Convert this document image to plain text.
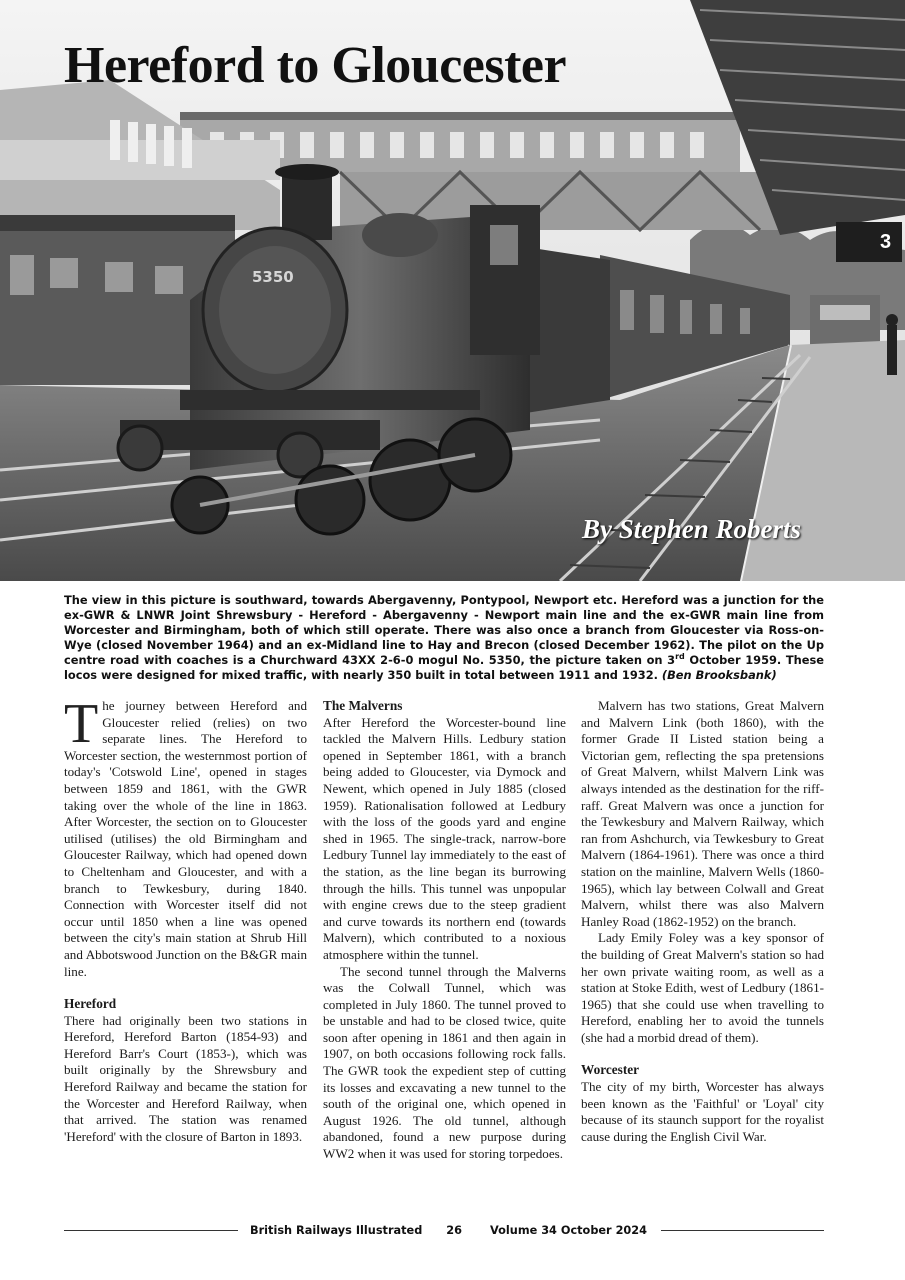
3
5350
Hereford to Gloucester
By Stephen Roberts
The view in this picture is southward, towards Abergavenny, Pontypool, Newport etc. Hereford was a junction for the ex-GWR & LNWR Joint Shrewsbury - Hereford - Abergavenny - Newport main line and the ex-GWR main line from Worcester and Birmingham, both of which still operate. There was also once a branch from Gloucester via Ross-on-Wye (closed November 1964) and an ex-Midland line to Hay and Brecon (closed December 1962). The pilot on the Up centre road with coaches is a Churchward 43XX 2-6-0 mogul No. 5350, the picture taken on 3rd October 1959. These locos were designed for mixed traffic, with nearly 350 built in total between 1911 and 1932. (Ben Brooksbank)

The journey between Hereford and Gloucester relied (relies) on two separate lines. The Hereford to Worcester section, the westernmost portion of today's 'Cotswold Line', opened in stages between 1859 and 1861, with the GWR taking over the whole of the line in 1863. After Worcester, the section on to Gloucester utilised (utilises) the old Birmingham and Gloucester Railway, which had opened down to Cheltenham and Gloucester, and with a branch to Tewkesbury, during 1840. Connection with Worcester itself did not occur until 1850 when a line was opened between the city's main station at Shrub Hill and Abbotswood Junction on the B&GR main line.

Hereford

There had originally been two stations in Hereford, Hereford Barton (1854-93) and Hereford Barr's Court (1853-), which was built originally by the Shrewsbury and Hereford Railway and became the station for the Worcester and Hereford Railway, when that arrived. The station was renamed 'Hereford' with the closure of Barton in 1893.

The Malverns

After Hereford the Worcester-bound line tackled the Malvern Hills. Ledbury station opened in September 1861, with a branch being added to Gloucester, via Dymock and Newent, which opened in July 1885 (closed 1959). Rationalisation followed at Ledbury with the loss of the goods yard and engine shed in 1965. The single-track, narrow-bore Ledbury Tunnel lay immediately to the east of the station, as the line began its burrowing through the hills. This tunnel was unpopular with engine crews due to the steep gradient and curve towards its northern end (towards Malvern), which contributed to a noxious atmosphere within the tunnel.

The second tunnel through the Malverns was the Colwall Tunnel, which was completed in July 1860. The tunnel proved to be unstable and had to be closed twice, quite soon after opening in 1861 and then again in 1907, on both occasions following rock falls. The GWR took the expedient step of cutting its losses and excavating a new tunnel to the south of the original one, which opened in August 1926. The old tunnel, although abandoned, found a new purpose during WW2 when it was used for storing torpedoes.

Malvern has two stations, Great Malvern and Malvern Link (both 1860), with the former Grade II Listed station being a Victorian gem, reflecting the spa pretensions of Great Malvern, whilst Malvern Link was always intended as the destination for the riff-raff. Great Malvern was once a junction for the Tewkesbury and Malvern Railway, which ran from Ashchurch, via Tewkesbury to Great Malvern (1864-1961). There was once a third station on the mainline, Malvern Wells (1860-1965), which lay between Colwall and Great Malvern, whilst there was also Malvern Hanley Road (1862-1952) on the branch.

Lady Emily Foley was a key sponsor of the building of Great Malvern's station so had her own private waiting room, as well as a station at Stoke Edith, west of Ledbury (1861-1965) that she could use when travelling to Hereford, enabling her to avoid the tunnels (she had a morbid dread of them).

Worcester

The city of my birth, Worcester has always been known as the 'Faithful' or 'Loyal' city because of its staunch support for the royalist cause during the English Civil War.

British Railways Illustrated 26 Volume 34 October 2024
